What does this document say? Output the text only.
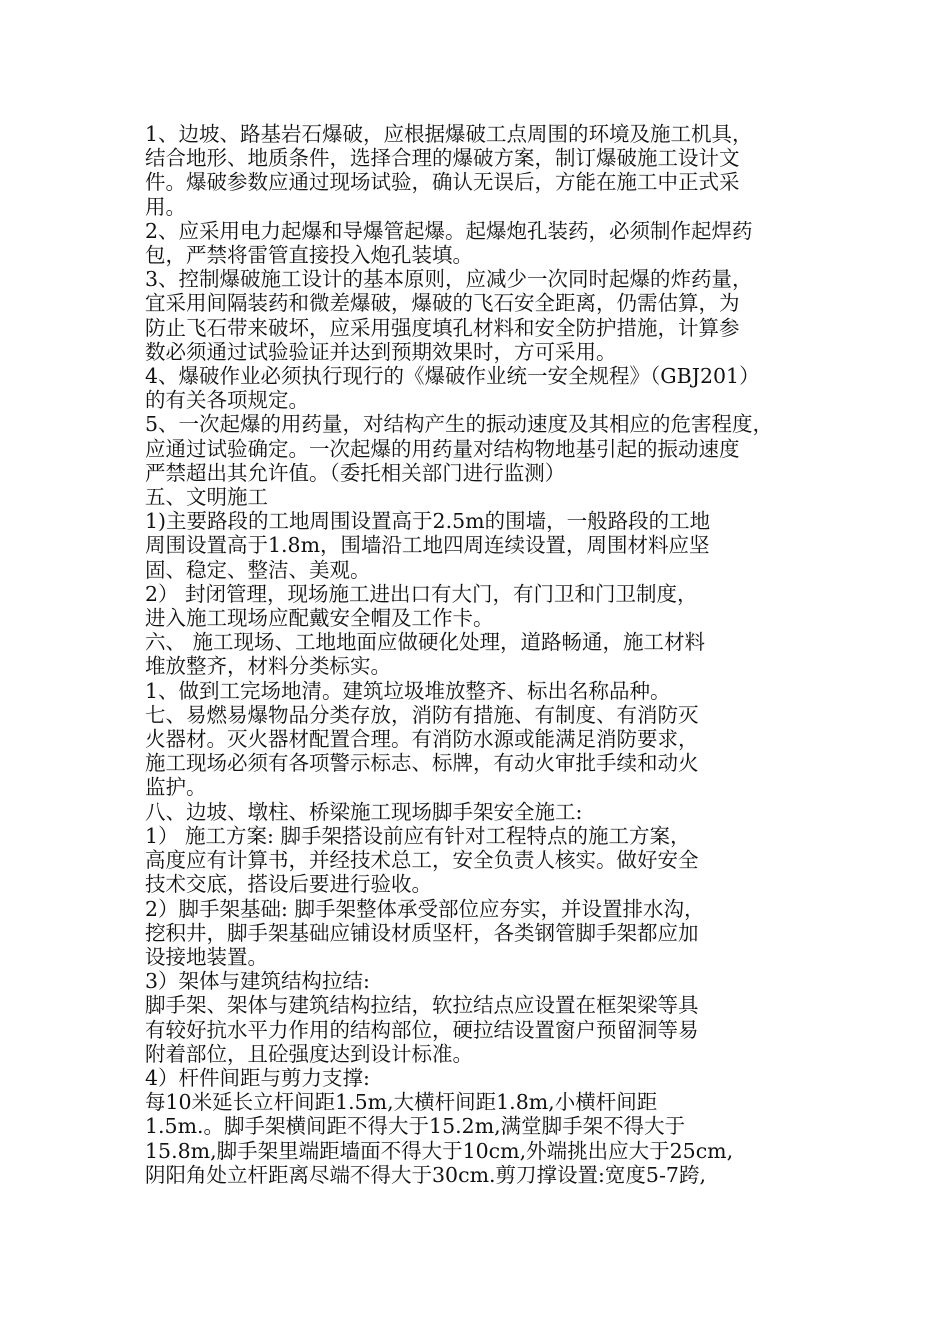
1、边坡、路基岩石爆破，应根据爆破工点周围的环境及施工机具，
结合地形、地质条件，选择合理的爆破方案，制订爆破施工设计文
件。爆破参数应通过现场试验，确认无误后，方能在施工中正式采
用。

2、应采用电力起爆和导爆管起爆。起爆炮孔装药，必须制作起焊药
包，严禁将雷管直接投入炮孔装填。

3、控制爆破施工设计的基本原则，应减少一次同时起爆的炸药量，
宜采用间隔装药和微差爆破，爆破的飞石安全距离，仍需估算，为
防止飞石带来破坏，应采用强度填孔材料和安全防护措施，计算参
数必须通过试验验证并达到预期效果时，方可采用。

4、爆破作业必须执行现行的《爆破作业统一安全规程》（GBJ201）
的有关各项规定。

5、一次起爆的用药量，对结构产生的振动速度及其相应的危害程度，
应通过试验确定。一次起爆的用药量对结构物地基引起的振动速度
严禁超出其允许值。（委托相关部门进行监测）

五、文明施工

1)主要路段的工地周围设置高于2.5m的围墙，一般路段的工地
周围设置高于1.8m，围墙沿工地四周连续设置，周围材料应坚
固、稳定、整洁、美观。

2） 封闭管理，现场施工进出口有大门，有门卫和门卫制度，
进入施工现场应配戴安全帽及工作卡。

六、 施工现场、工地地面应做硬化处理，道路畅通，施工材料
堆放整齐，材料分类标实。

1、做到工完场地清。建筑垃圾堆放整齐、标出名称品种。

七、易燃易爆物品分类存放，消防有措施、有制度、有消防灭
火器材。灭火器材配置合理。有消防水源或能满足消防要求，
施工现场必须有各项警示标志、标牌，有动火审批手续和动火
监护。

八、边坡、墩柱、桥梁施工现场脚手架安全施工:

1） 施工方案: 脚手架搭设前应有针对工程特点的施工方案，
高度应有计算书，并经技术总工，安全负责人核实。做好安全
技术交底，搭设后要进行验收。

2）脚手架基础: 脚手架整体承受部位应夯实，并设置排水沟，
挖积井，脚手架基础应铺设材质坚杆，各类钢管脚手架都应加
设接地装置。

3）架体与建筑结构拉结:

脚手架、架体与建筑结构拉结，软拉结点应设置在框架梁等具
有较好抗水平力作用的结构部位，硬拉结设置窗户预留洞等易
附着部位，且砼强度达到设计标准。

4）杆件间距与剪力支撑:

每10米延长立杆间距1.5m,大横杆间距1.8m,小横杆间距
1.5m.。脚手架横间距不得大于15.2m,满堂脚手架不得大于
15.8m,脚手架里端距墙面不得大于10cm,外端挑出应大于25cm,
阴阳角处立杆距离尽端不得大于30cm.剪刀撑设置:宽度5-7跨,
